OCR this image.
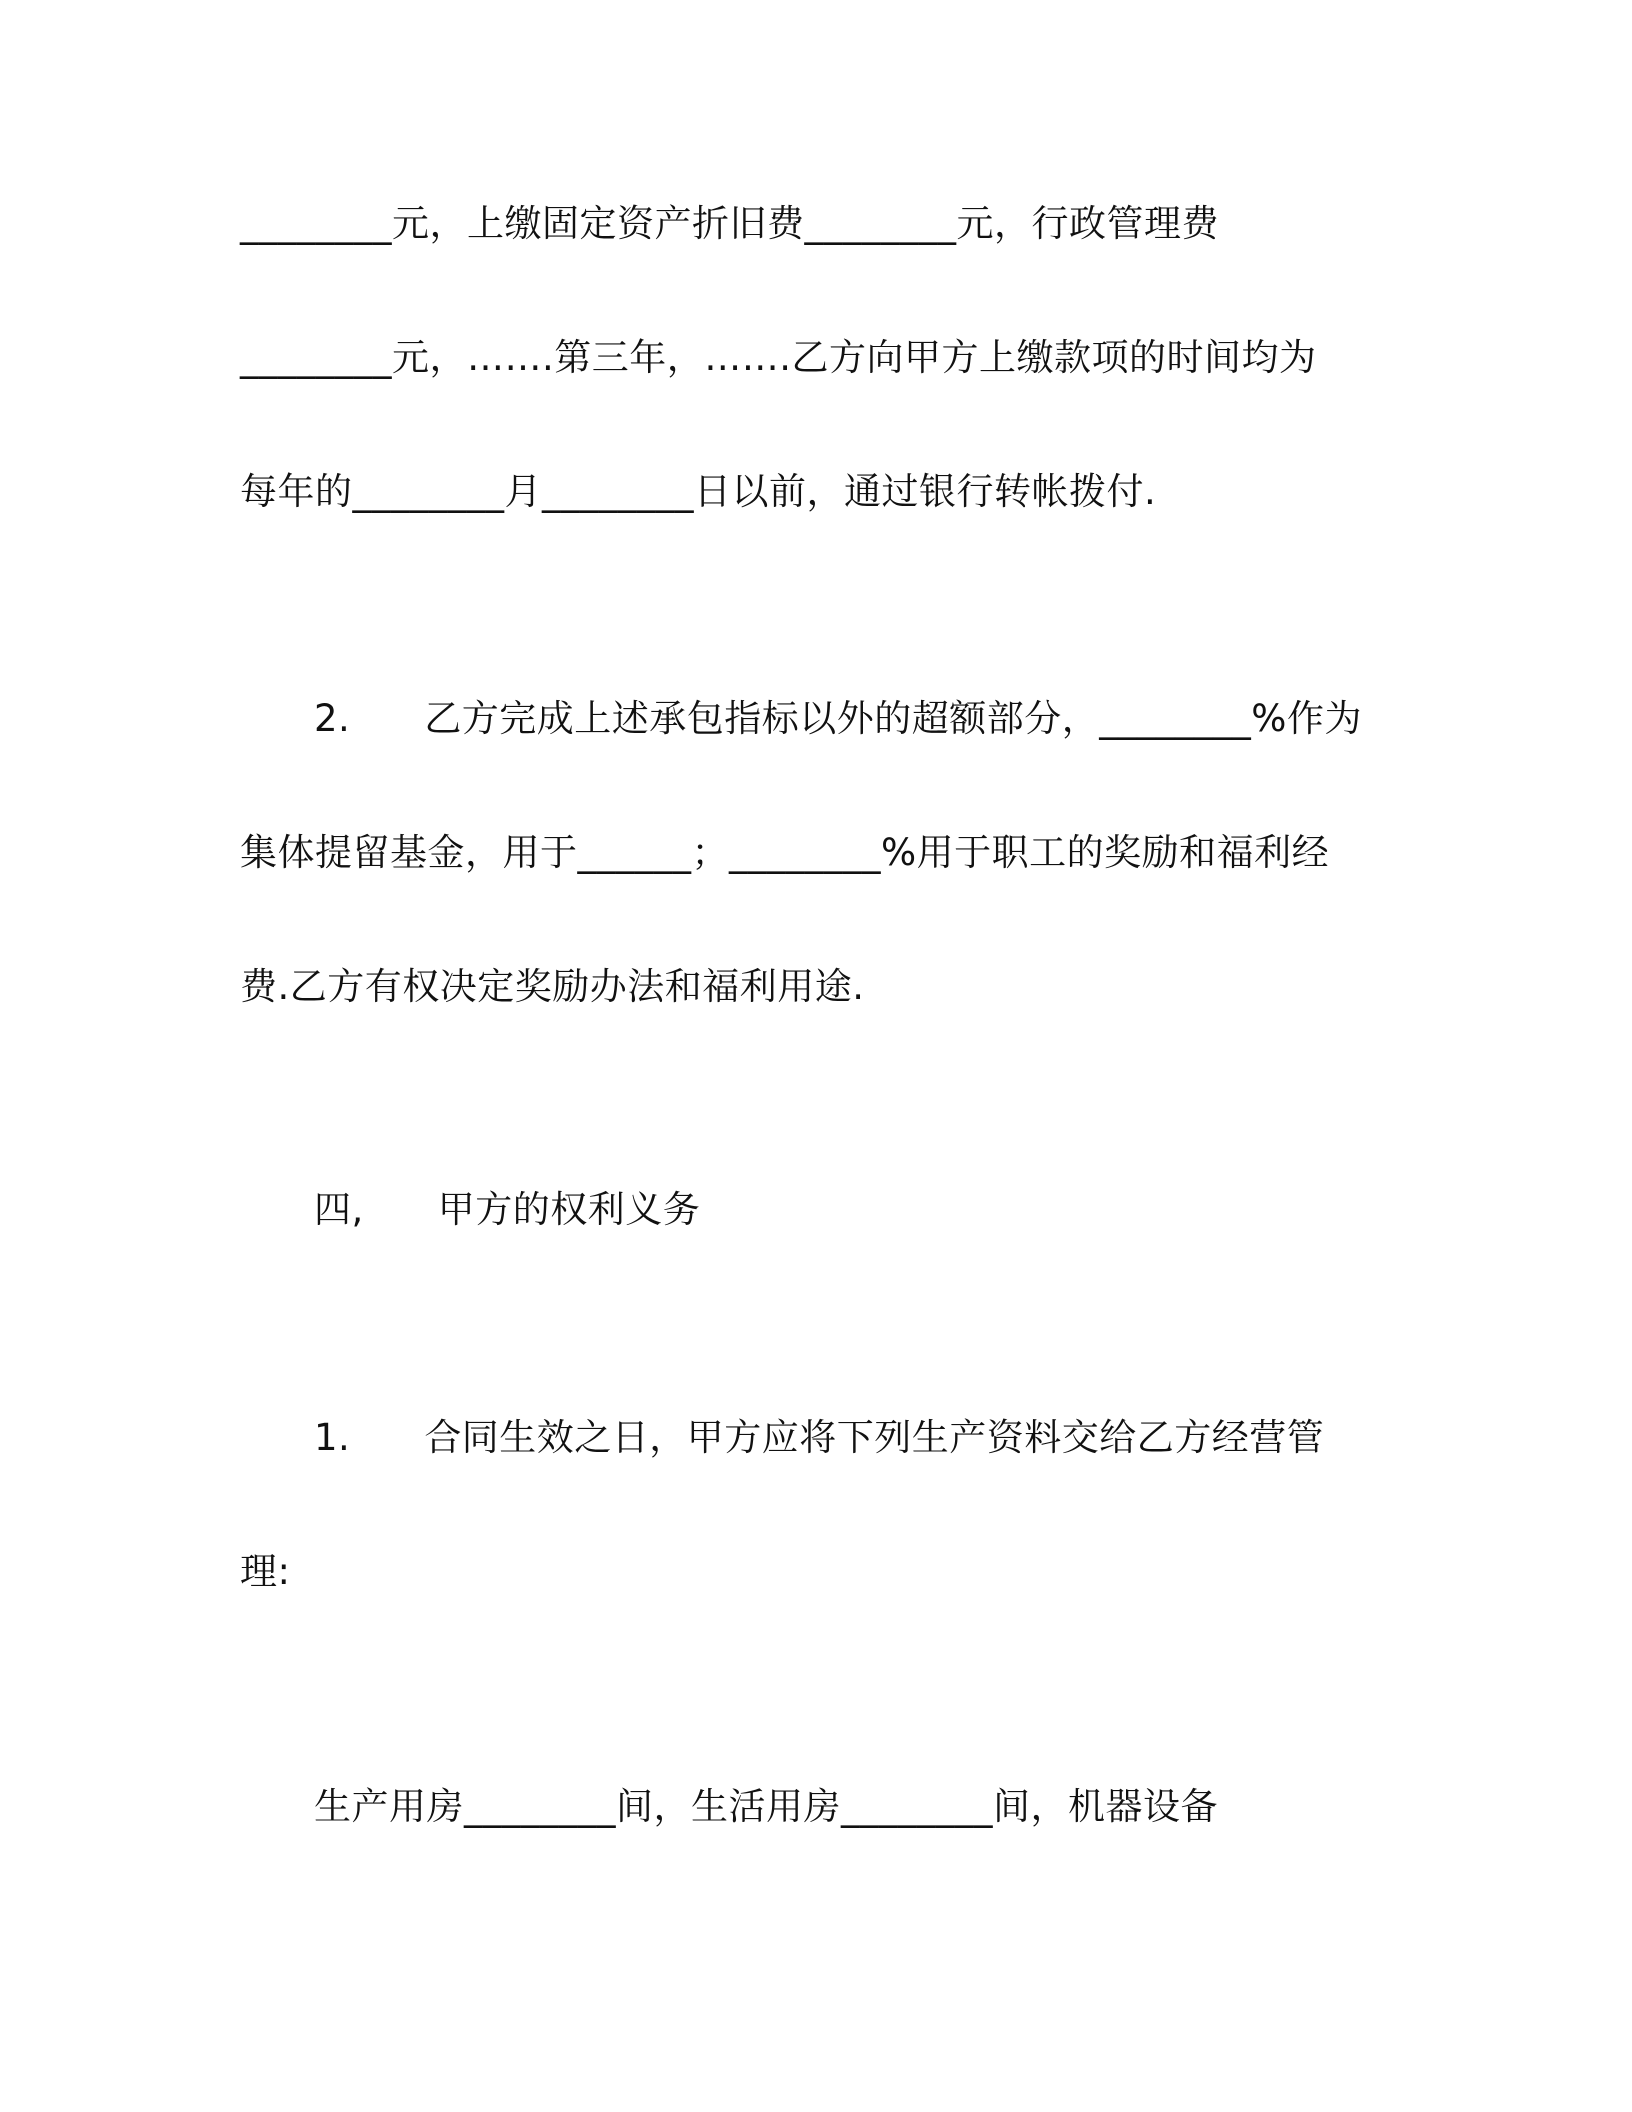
________元，上缴固定资产折旧费________元，行政管理费
________元，…….第三年，…….乙方向甲方上缴款项的时间均为
每年的________月________日以前，通过银行转帐拨付.
2. 乙方完成上述承包指标以外的超额部分，________%作为
集体提留基金，用于______；________%用于职工的奖励和福利经
费.乙方有权决定奖励办法和福利用途.
四, 甲方的权利义务
1. 合同生效之日，甲方应将下列生产资料交给乙方经营管
理:
生产用房________间，生活用房________间，机器设备
